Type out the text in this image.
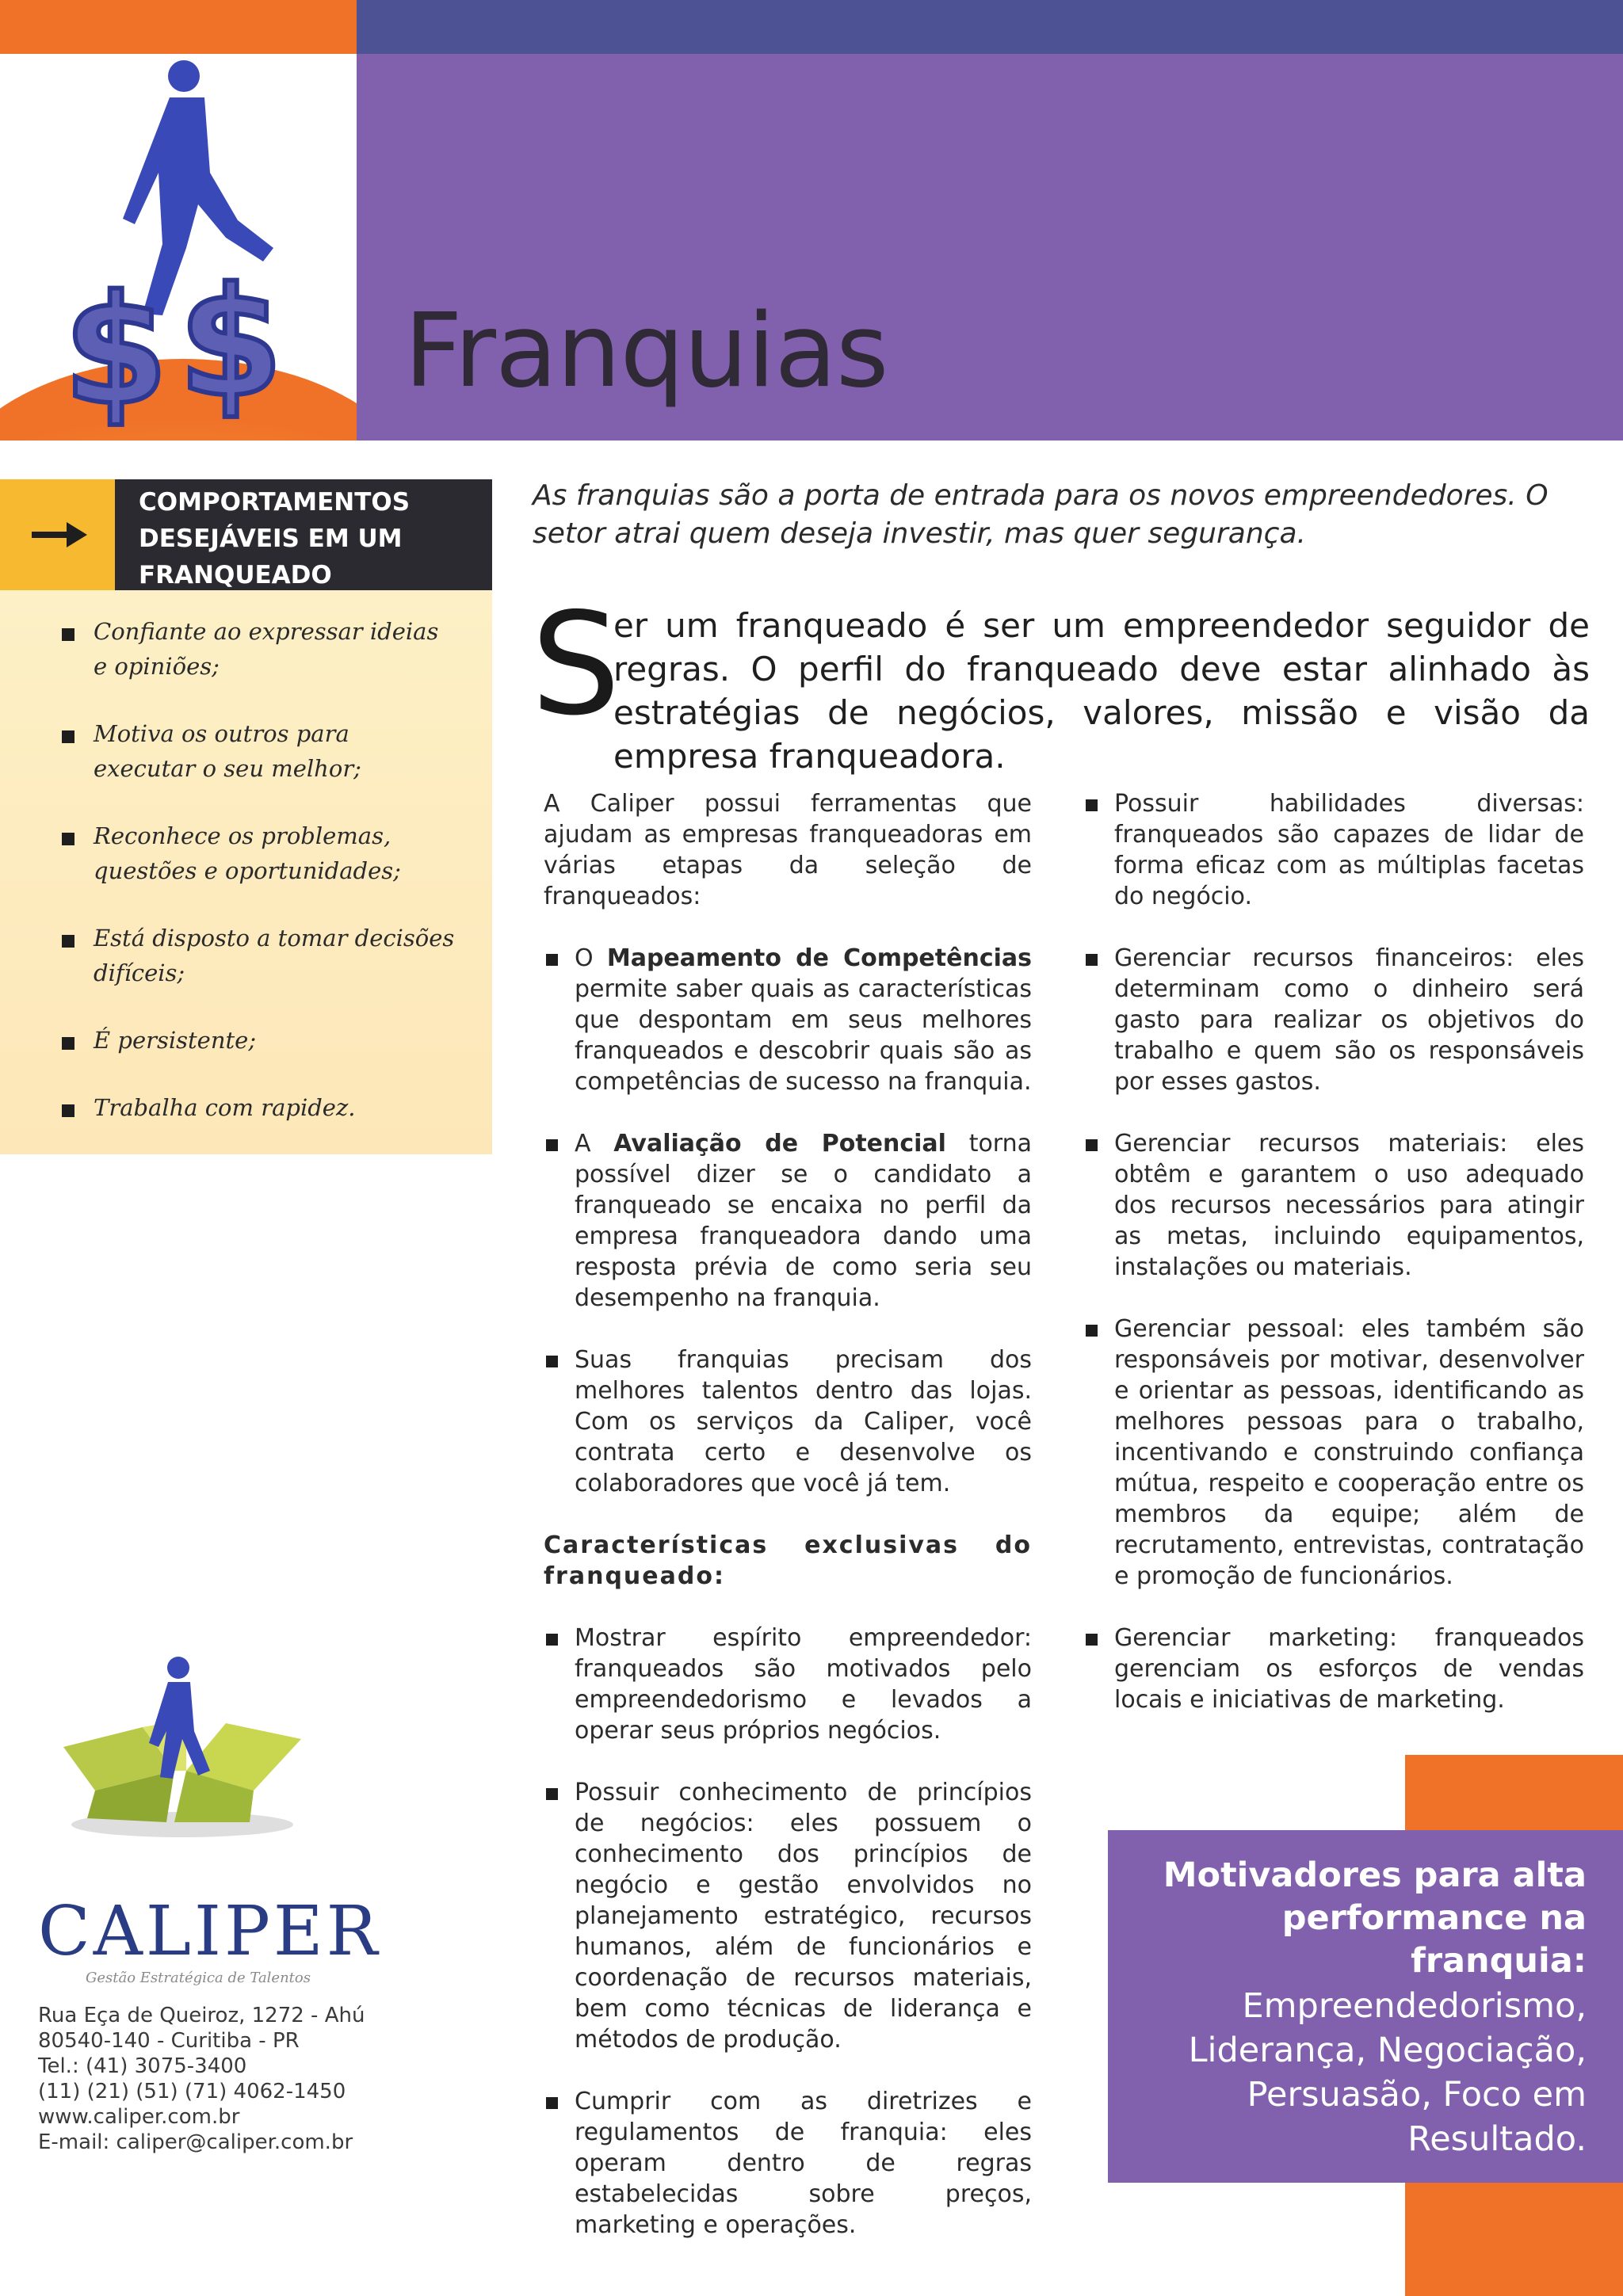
$ $ Franquias
COMPORTAMENTOS
DESEJÁVEIS EM UM
FRANQUEADO
Confiante ao expressar ideias e opiniões;
Motiva os outros para executar o seu melhor;
Reconhece os problemas, questões e oportunidades;
Está disposto a tomar decisões difíceis;
É persistente;
Trabalha com rapidez.
As franquias são a porta de entrada para os novos empreendedores. O setor atrai quem deseja investir, mas quer segurança.
S
er um franqueado é ser um empreendedor seguidor de regras. O perfil do franqueado deve estar alinhado às estratégias de negócios, valores, missão e visão da empresa franqueadora.

A Caliper possui ferramentas que ajudam as empresas franqueadoras em várias etapas da seleção de franqueados:

O Mapeamento de Competências permite saber quais as características que despontam em seus melhores franqueados e descobrir quais são as competências de sucesso na franquia.
A Avaliação de Potencial torna possível dizer se o candidato a franqueado se encaixa no perfil da empresa franqueadora dando uma resposta prévia de como seria seu desempenho na franquia.
Suas franquias precisam dos melhores talentos dentro das lojas. Com os serviços da Caliper, você contrata certo e desenvolve os colaboradores que você já tem.

Características exclusivas do franqueado:

Mostrar espírito empreendedor: franqueados são motivados pelo empreendedorismo e levados a operar seus próprios negócios.
Possuir conhecimento de princípios de negócios: eles possuem o conhecimento dos princípios de negócio e gestão envolvidos no planejamento estratégico, recursos humanos, além de funcionários e coordenação de recursos materiais, bem como técnicas de liderança e métodos de produção.
Cumprir com as diretrizes e regulamentos de franquia: eles operam dentro de regras estabelecidas sobre preços, marketing e operações.
Possuir habilidades diversas: franqueados são capazes de lidar de forma eficaz com as múltiplas facetas do negócio.
Gerenciar recursos financeiros: eles determinam como o dinheiro será gasto para realizar os objetivos do trabalho e quem são os responsáveis por esses gastos.
Gerenciar recursos materiais: eles obtêm e garantem o uso adequado dos recursos necessários para atingir as metas, incluindo equipamentos, instalações ou materiais.
Gerenciar pessoal: eles também são responsáveis por motivar, desenvolver e orientar as pessoas, identificando as melhores pessoas para o trabalho, incentivando e construindo confiança mútua, respeito e cooperação entre os membros da equipe; além de recrutamento, entrevistas, contratação e promoção de funcionários.
Gerenciar marketing: franqueados gerenciam os esforços de vendas locais e iniciativas de marketing.
Motivadores para alta
performance na
franquia:
Empreendedorismo,
Liderança, Negociação,
Persuasão, Foco em
Resultado.
CALIPER
Gestão Estratégica de Talentos
Rua Eça de Queiroz, 1272 - Ahú
80540-140 - Curitiba - PR
Tel.: (41) 3075-3400
(11) (21) (51) (71) 4062-1450
www.caliper.com.br
E-mail: caliper@caliper.com.br
